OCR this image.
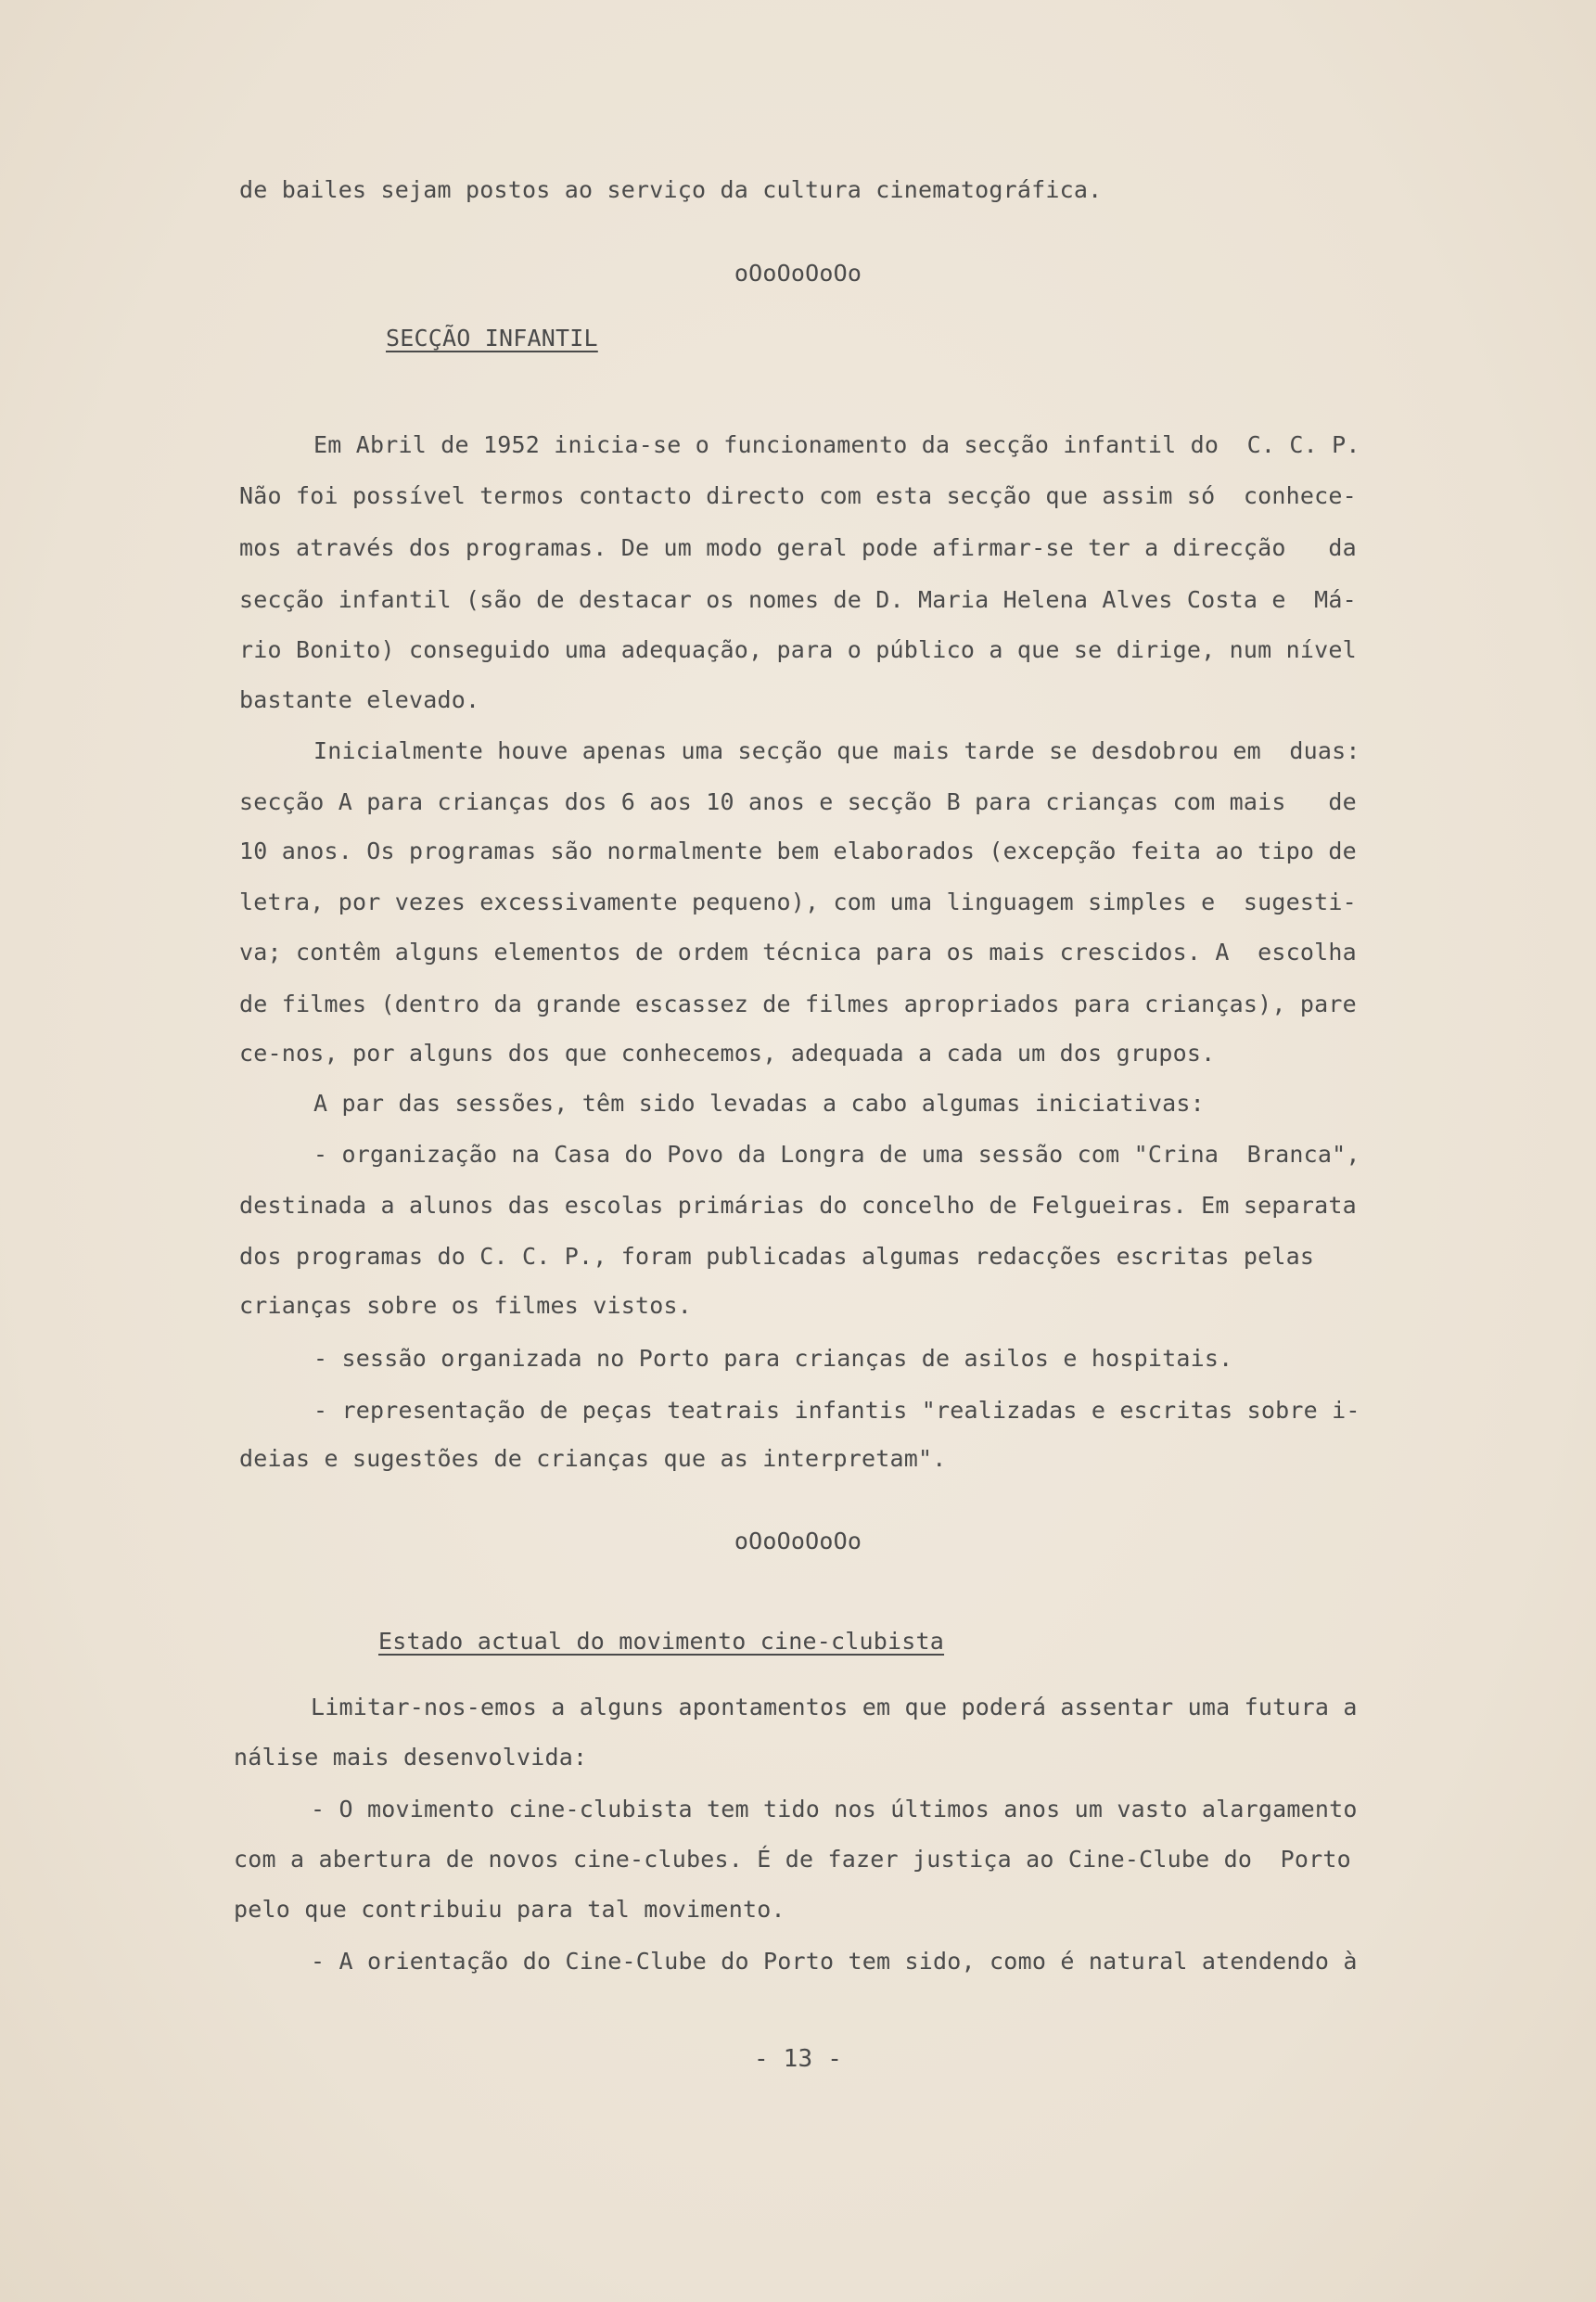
de bailes sejam postos ao serviço da cultura cinematográfica.
oOoOoOoOo
SECÇÃO INFANTIL
Em Abril de 1952 inicia-se o funcionamento da secção infantil do  C. C. P.
Não foi possível termos contacto directo com esta secção que assim só  conhece-
mos através dos programas. De um modo geral pode afirmar-se ter a direcção   da
secção infantil (são de destacar os nomes de D. Maria Helena Alves Costa e  Má-
rio Bonito) conseguido uma adequação, para o público a que se dirige, num nível
bastante elevado.
Inicialmente houve apenas uma secção que mais tarde se desdobrou em  duas:
secção A para crianças dos 6 aos 10 anos e secção B para crianças com mais   de
10 anos. Os programas são normalmente bem elaborados (excepção feita ao tipo de
letra, por vezes excessivamente pequeno), com uma linguagem simples e  sugesti-
va; contêm alguns elementos de ordem técnica para os mais crescidos. A  escolha
de filmes (dentro da grande escassez de filmes apropriados para crianças), pare
ce-nos, por alguns dos que conhecemos, adequada a cada um dos grupos.
A par das sessões, têm sido levadas a cabo algumas iniciativas:
- organização na Casa do Povo da Longra de uma sessão com "Crina  Branca",
destinada a alunos das escolas primárias do concelho de Felgueiras. Em separata
dos programas do C. C. P., foram publicadas algumas redacções escritas pelas
crianças sobre os filmes vistos.
- sessão organizada no Porto para crianças de asilos e hospitais.
- representação de peças teatrais infantis "realizadas e escritas sobre i-
deias e sugestões de crianças que as interpretam".
oOoOoOoOo
Estado actual do movimento cine-clubista
Limitar-nos-emos a alguns apontamentos em que poderá assentar uma futura a
nálise mais desenvolvida:
- O movimento cine-clubista tem tido nos últimos anos um vasto alargamento
com a abertura de novos cine-clubes. É de fazer justiça ao Cine-Clube do  Porto
pelo que contribuiu para tal movimento.
- A orientação do Cine-Clube do Porto tem sido, como é natural atendendo à
- 13 -
